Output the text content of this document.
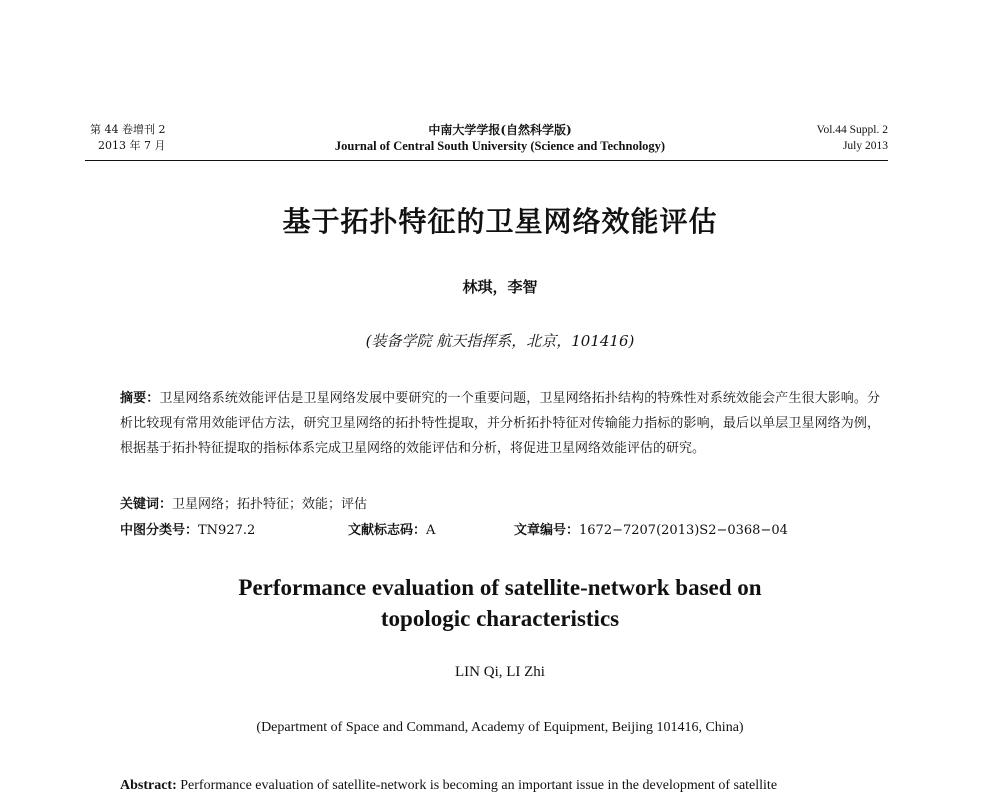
第 44 卷增刊 2
2013 年 7 月
中南大学学报(自然科学版)
Journal of Central South University (Science and Technology)
Vol.44 Suppl. 2
July 2013
基于拓扑特征的卫星网络效能评估
林琪，李智
(装备学院 航天指挥系，北京，101416)
摘要：卫星网络系统效能评估是卫星网络发展中要研究的一个重要问题，卫星网络拓扑结构的特殊性对系统效能会产生很大影响。分析比较现有常用效能评估方法，研究卫星网络的拓扑特性提取，并分析拓扑特征对传输能力指标的影响，最后以单层卫星网络为例，根据基于拓扑特征提取的指标体系完成卫星网络的效能评估和分析，将促进卫星网络效能评估的研究。
关键词：卫星网络；拓扑特征；效能；评估
中图分类号：TN927.2	文献标志码：A	文章编号：1672−7207(2013)S2−0368−04
Performance evaluation of satellite-network based on
topologic characteristics
LIN Qi, LI Zhi
(Department of Space and Command, Academy of Equipment, Beijing 101416, China)
Abstract: Performance evaluation of satellite-network is becoming an important issue in the development of satellite
